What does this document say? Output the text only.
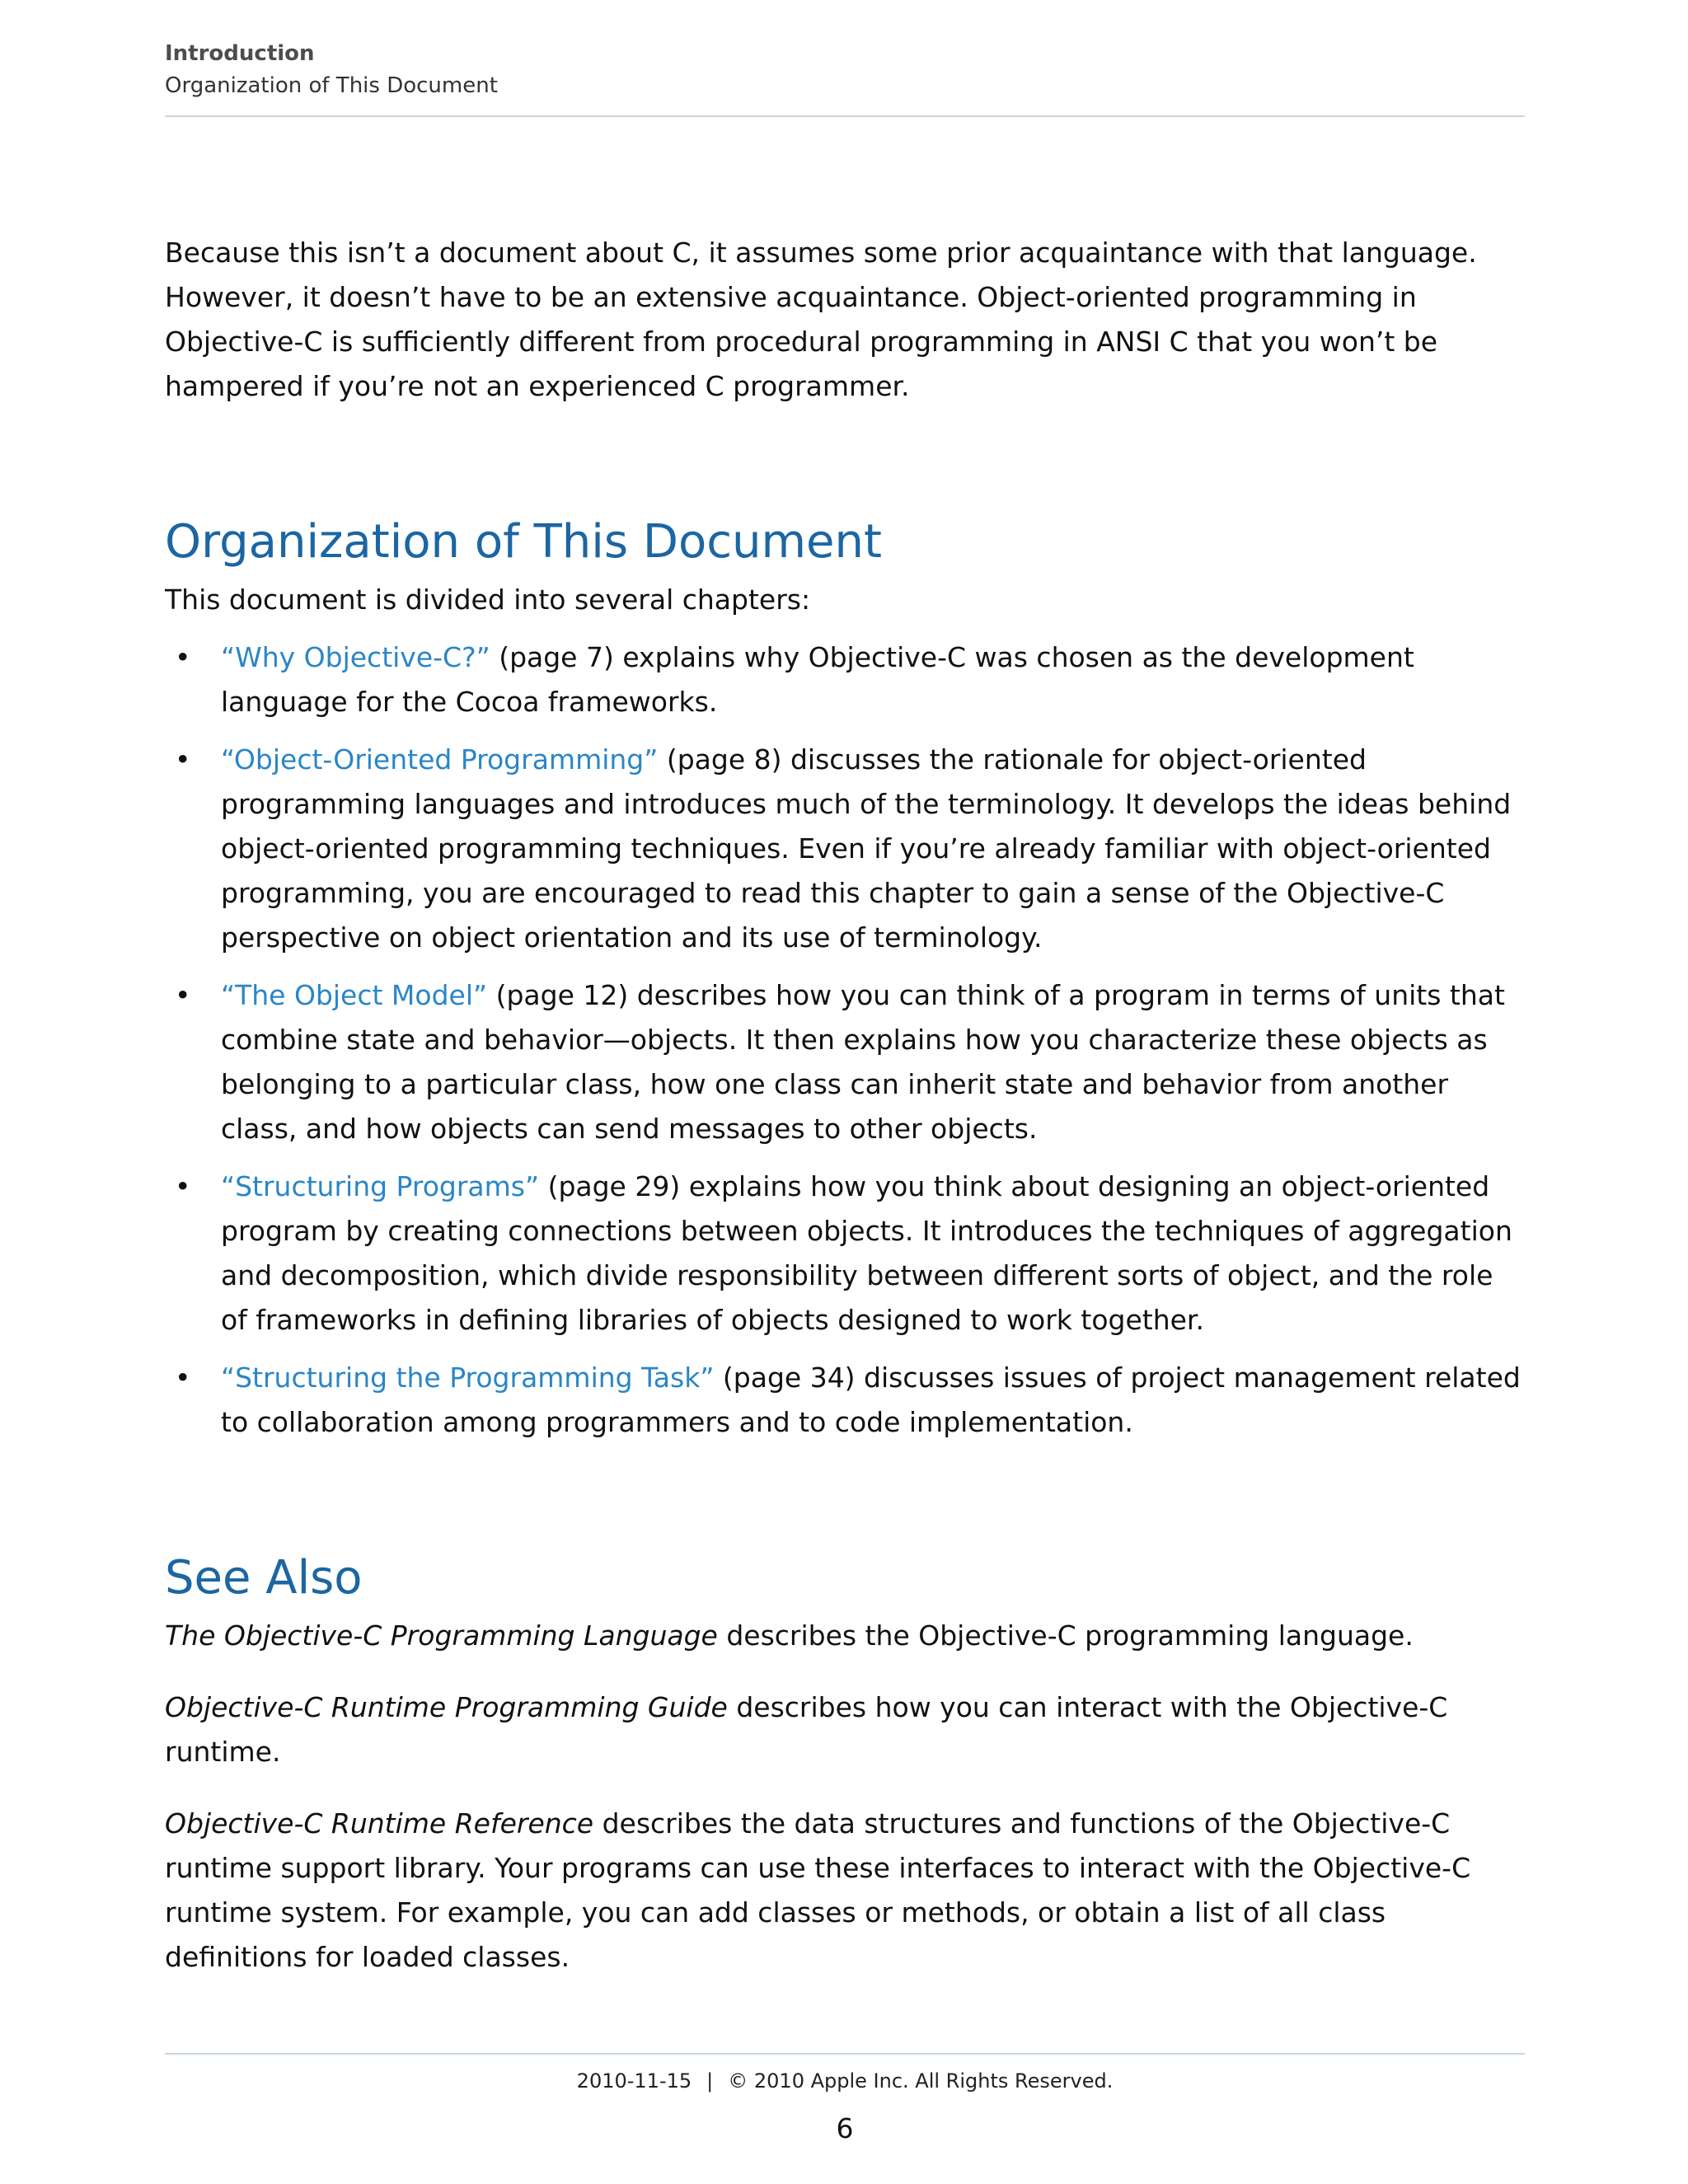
Introduction
Organization of This Document

Because this isn’t a document about C, it assumes some prior acquaintance with that language. However, it doesn’t have to be an extensive acquaintance. Object-oriented programming in Objective-C is sufficiently different from procedural programming in ANSI C that you won’t be hampered if you’re not an experienced C programmer.

Organization of This Document

This document is divided into several chapters:

• “Why Objective-C?” (page 7) explains why Objective-C was chosen as the development language for the Cocoa frameworks.
• “Object-Oriented Programming” (page 8) discusses the rationale for object-oriented programming languages and introduces much of the terminology. It develops the ideas behind object-oriented programming techniques. Even if you’re already familiar with object-oriented programming, you are encouraged to read this chapter to gain a sense of the Objective-C perspective on object orientation and its use of terminology.
• “The Object Model” (page 12) describes how you can think of a program in terms of units that combine state and behavior—objects. It then explains how you characterize these objects as belonging to a particular class, how one class can inherit state and behavior from another class, and how objects can send messages to other objects.
• “Structuring Programs” (page 29) explains how you think about designing an object-oriented program by creating connections between objects. It introduces the techniques of aggregation and decomposition, which divide responsibility between different sorts of object, and the role of frameworks in defining libraries of objects designed to work together.
• “Structuring the Programming Task” (page 34) discusses issues of project management related to collaboration among programmers and to code implementation.
See Also

The Objective-C Programming Language describes the Objective-C programming language.

Objective-C Runtime Programming Guide describes how you can interact with the Objective-C runtime.

Objective-C Runtime Reference describes the data structures and functions of the Objective-C runtime support library. Your programs can use these interfaces to interact with the Objective-C runtime system. For example, you can add classes or methods, or obtain a list of all class definitions for loaded classes.

2010-11-15 | © 2010 Apple Inc. All Rights Reserved.
6
